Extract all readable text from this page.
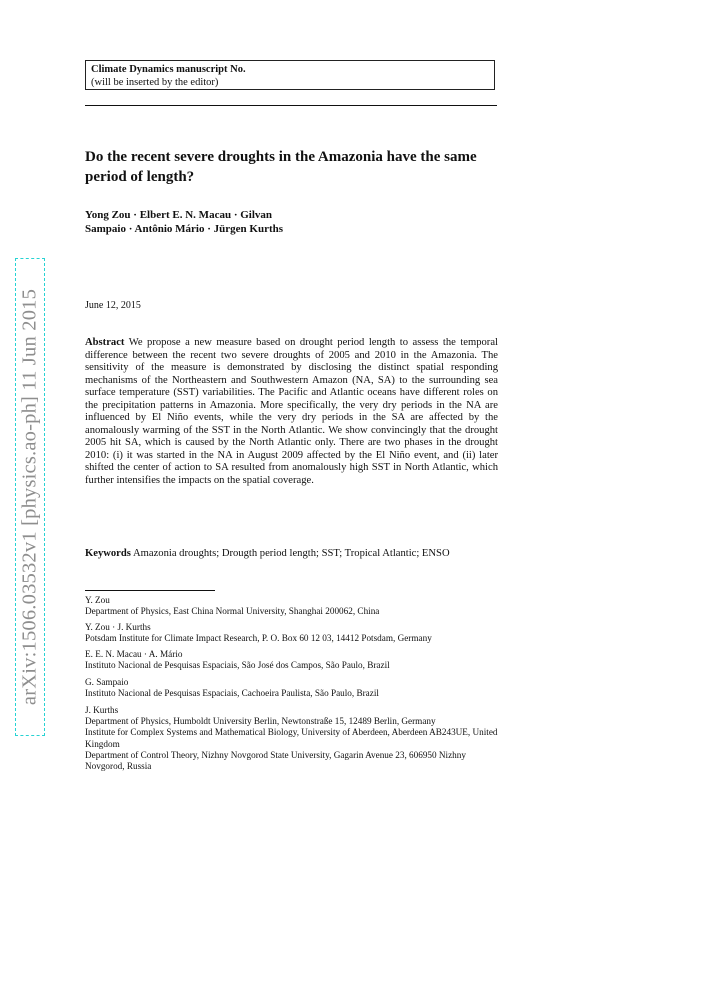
arXiv:1506.03532v1 [physics.ao-ph] 11 Jun 2015
Climate Dynamics manuscript No.
(will be inserted by the editor)
Do the recent severe droughts in the Amazonia have the same period of length?
Yong Zou · Elbert E. N. Macau · Gilvan
Sampaio · Antônio Mário · Jürgen Kurths
June 12, 2015
Abstract We propose a new measure based on drought period length to assess the temporal difference between the recent two severe droughts of 2005 and 2010 in the Amazonia. The sensitivity of the measure is demonstrated by disclosing the distinct spatial responding mechanisms of the Northeastern and Southwestern Amazon (NA, SA) to the surrounding sea surface temperature (SST) variabilities. The Pacific and Atlantic oceans have different roles on the precipitation patterns in Amazonia. More specifically, the very dry periods in the NA are influenced by El Niño events, while the very dry periods in the SA are affected by the anomalously warming of the SST in the North Atlantic. We show convincingly that the drought 2005 hit SA, which is caused by the North Atlantic only. There are two phases in the drought 2010: (i) it was started in the NA in August 2009 affected by the El Niño event, and (ii) later shifted the center of action to SA resulted from anomalously high SST in North Atlantic, which further intensifies the impacts on the spatial coverage.
Keywords Amazonia droughts; Drougth period length; SST; Tropical Atlantic; ENSO
Y. Zou
Department of Physics, East China Normal University, Shanghai 200062, China
Y. Zou · J. Kurths
Potsdam Institute for Climate Impact Research, P. O. Box 60 12 03, 14412 Potsdam, Germany
E. E. N. Macau · A. Mário
Instituto Nacional de Pesquisas Espaciais, São José dos Campos, São Paulo, Brazil
G. Sampaio
Instituto Nacional de Pesquisas Espaciais, Cachoeira Paulista, São Paulo, Brazil
J. Kurths
Department of Physics, Humboldt University Berlin, Newtonstraße 15, 12489 Berlin, Germany
Institute for Complex Systems and Mathematical Biology, University of Aberdeen, Aberdeen AB243UE, United Kingdom
Department of Control Theory, Nizhny Novgorod State University, Gagarin Avenue 23, 606950 Nizhny Novgorod, Russia
